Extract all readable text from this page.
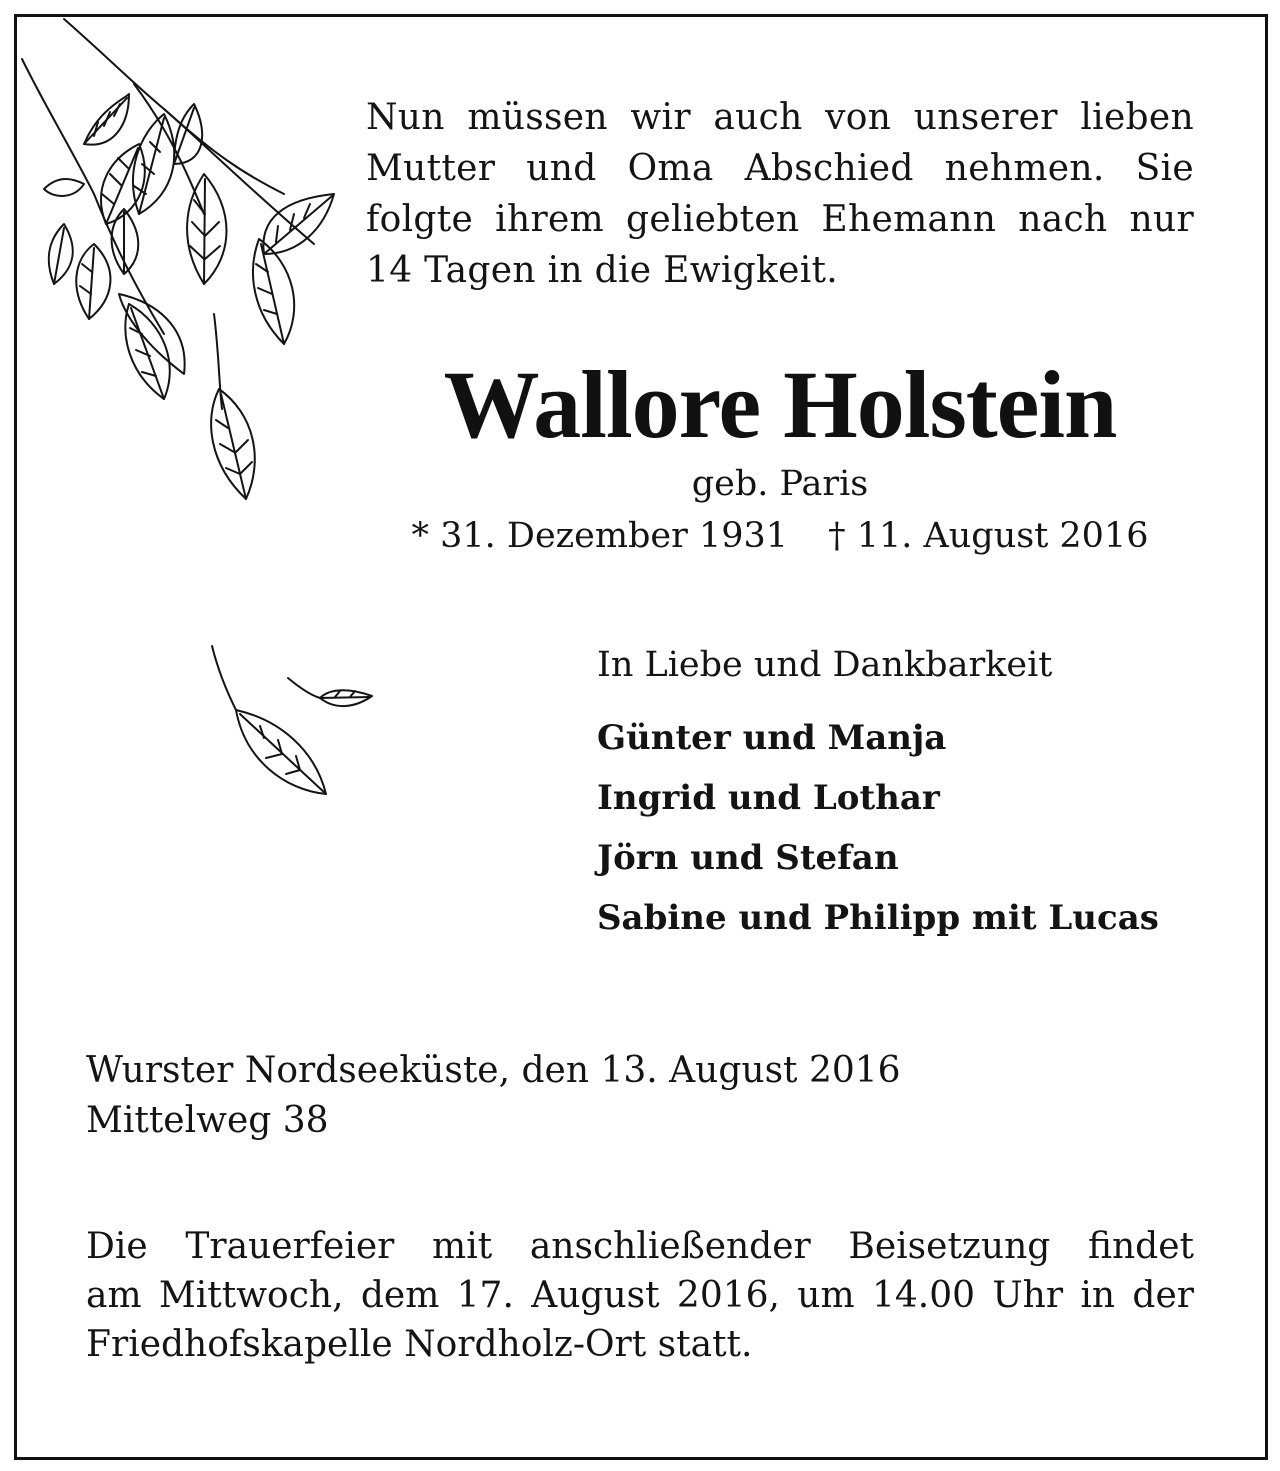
Nun müssen wir auch von unserer lieben
Mutter und Oma Abschied nehmen. Sie
folgte ihrem geliebten Ehemann nach nur
14 Tagen in die Ewigkeit.
Wallore Holstein
geb. Paris
* 31. Dezember 1931 † 11. August 2016
In Liebe und Dankbarkeit
Günter und Manja
Ingrid und Lothar
Jörn und Stefan
Sabine und Philipp mit Lucas
Wurster Nordseeküste, den 13. August 2016
Mittelweg 38
Die Trauerfeier mit anschließender Beisetzung findet
am Mittwoch, dem 17. August 2016, um 14.00 Uhr in der
Friedhofskapelle Nordholz-Ort statt.
